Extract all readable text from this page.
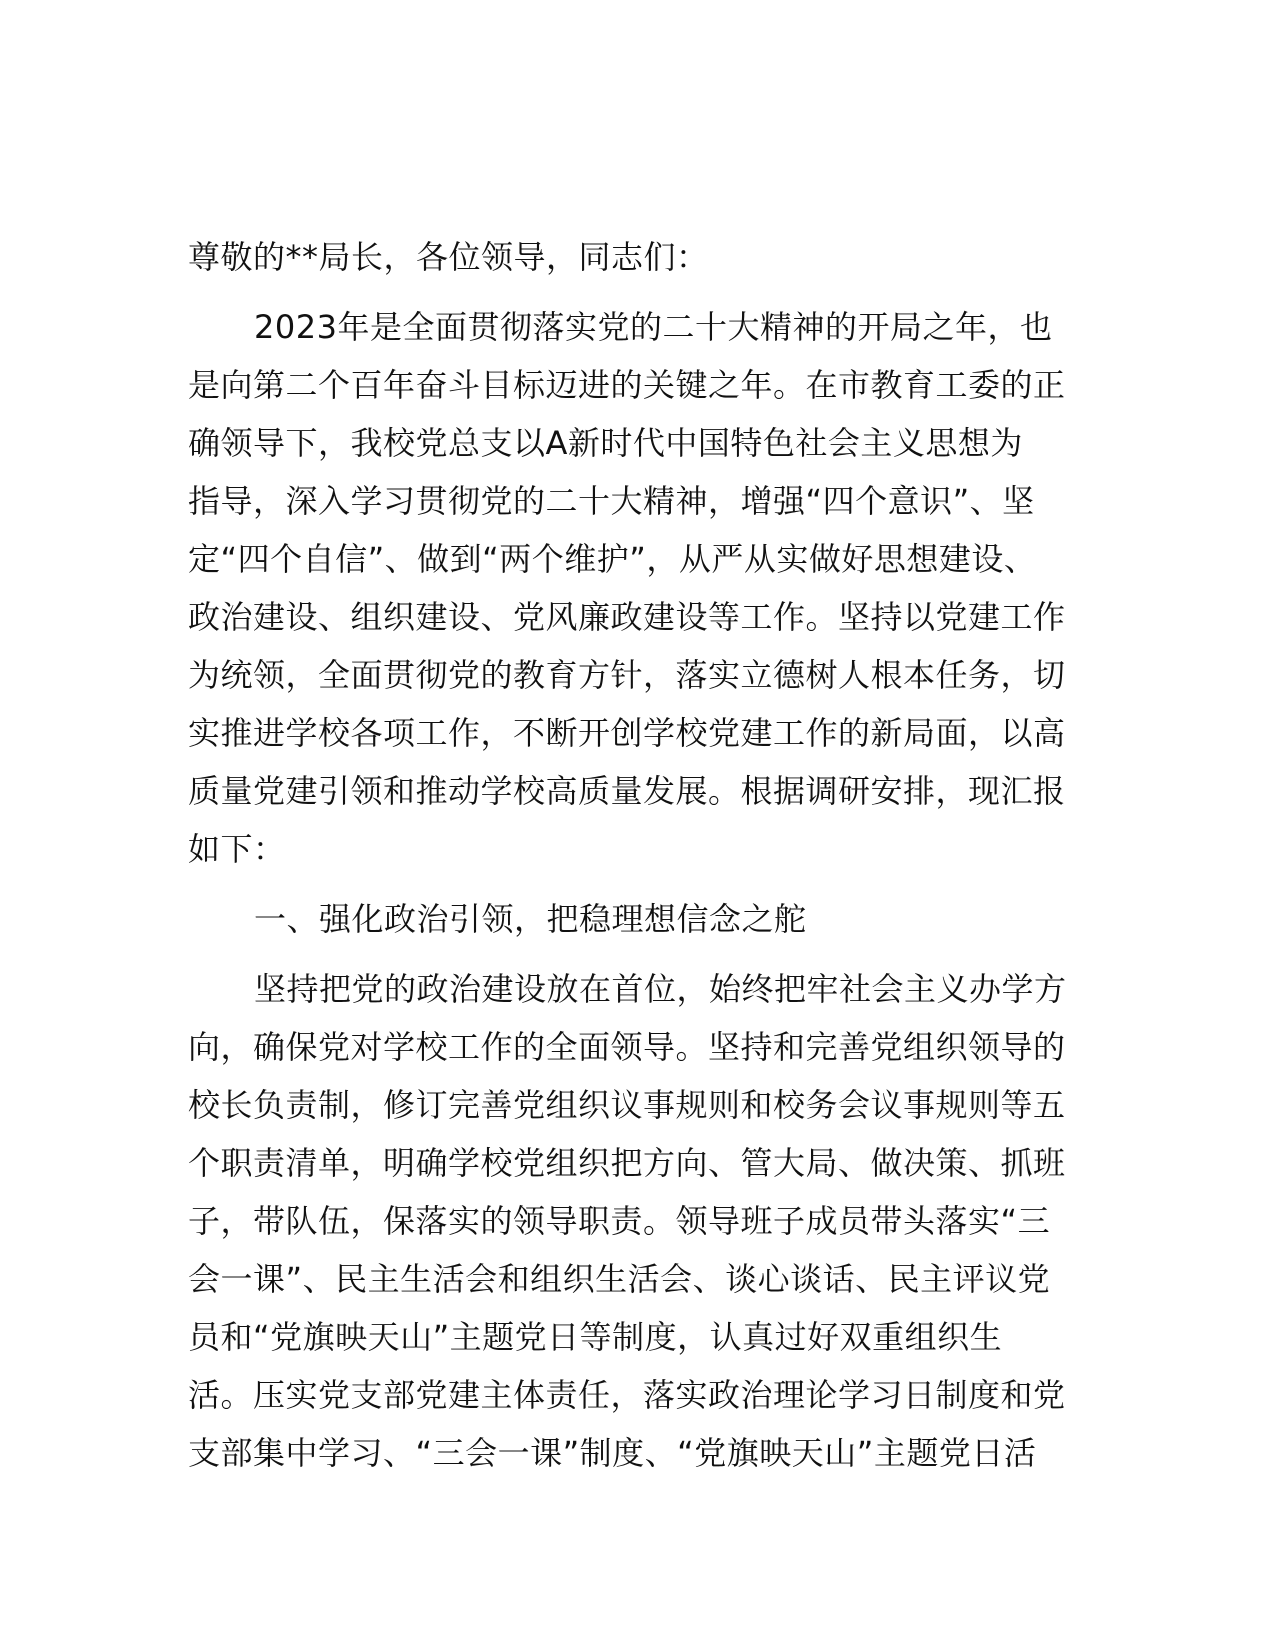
尊敬的**局长，各位领导，同志们：
2023年是全面贯彻落实党的二十大精神的开局之年，也
是向第二个百年奋斗目标迈进的关键之年。在市教育工委的正
确领导下，我校党总支以A新时代中国特色社会主义思想为
指导，深入学习贯彻党的二十大精神，增强“四个意识”、坚
定“四个自信”、做到“两个维护”，从严从实做好思想建设、
政治建设、组织建设、党风廉政建设等工作。坚持以党建工作
为统领，全面贯彻党的教育方针，落实立德树人根本任务，切
实推进学校各项工作，不断开创学校党建工作的新局面，以高
质量党建引领和推动学校高质量发展。根据调研安排，现汇报
如下：
一、强化政治引领，把稳理想信念之舵
坚持把党的政治建设放在首位，始终把牢社会主义办学方
向，确保党对学校工作的全面领导。坚持和完善党组织领导的
校长负责制，修订完善党组织议事规则和校务会议事规则等五
个职责清单，明确学校党组织把方向、管大局、做决策、抓班
子，带队伍，保落实的领导职责。领导班子成员带头落实“三
会一课”、民主生活会和组织生活会、谈心谈话、民主评议党
员和“党旗映天山”主题党日等制度，认真过好双重组织生
活。压实党支部党建主体责任，落实政治理论学习日制度和党
支部集中学习、“三会一课”制度、“党旗映天山”主题党日活
